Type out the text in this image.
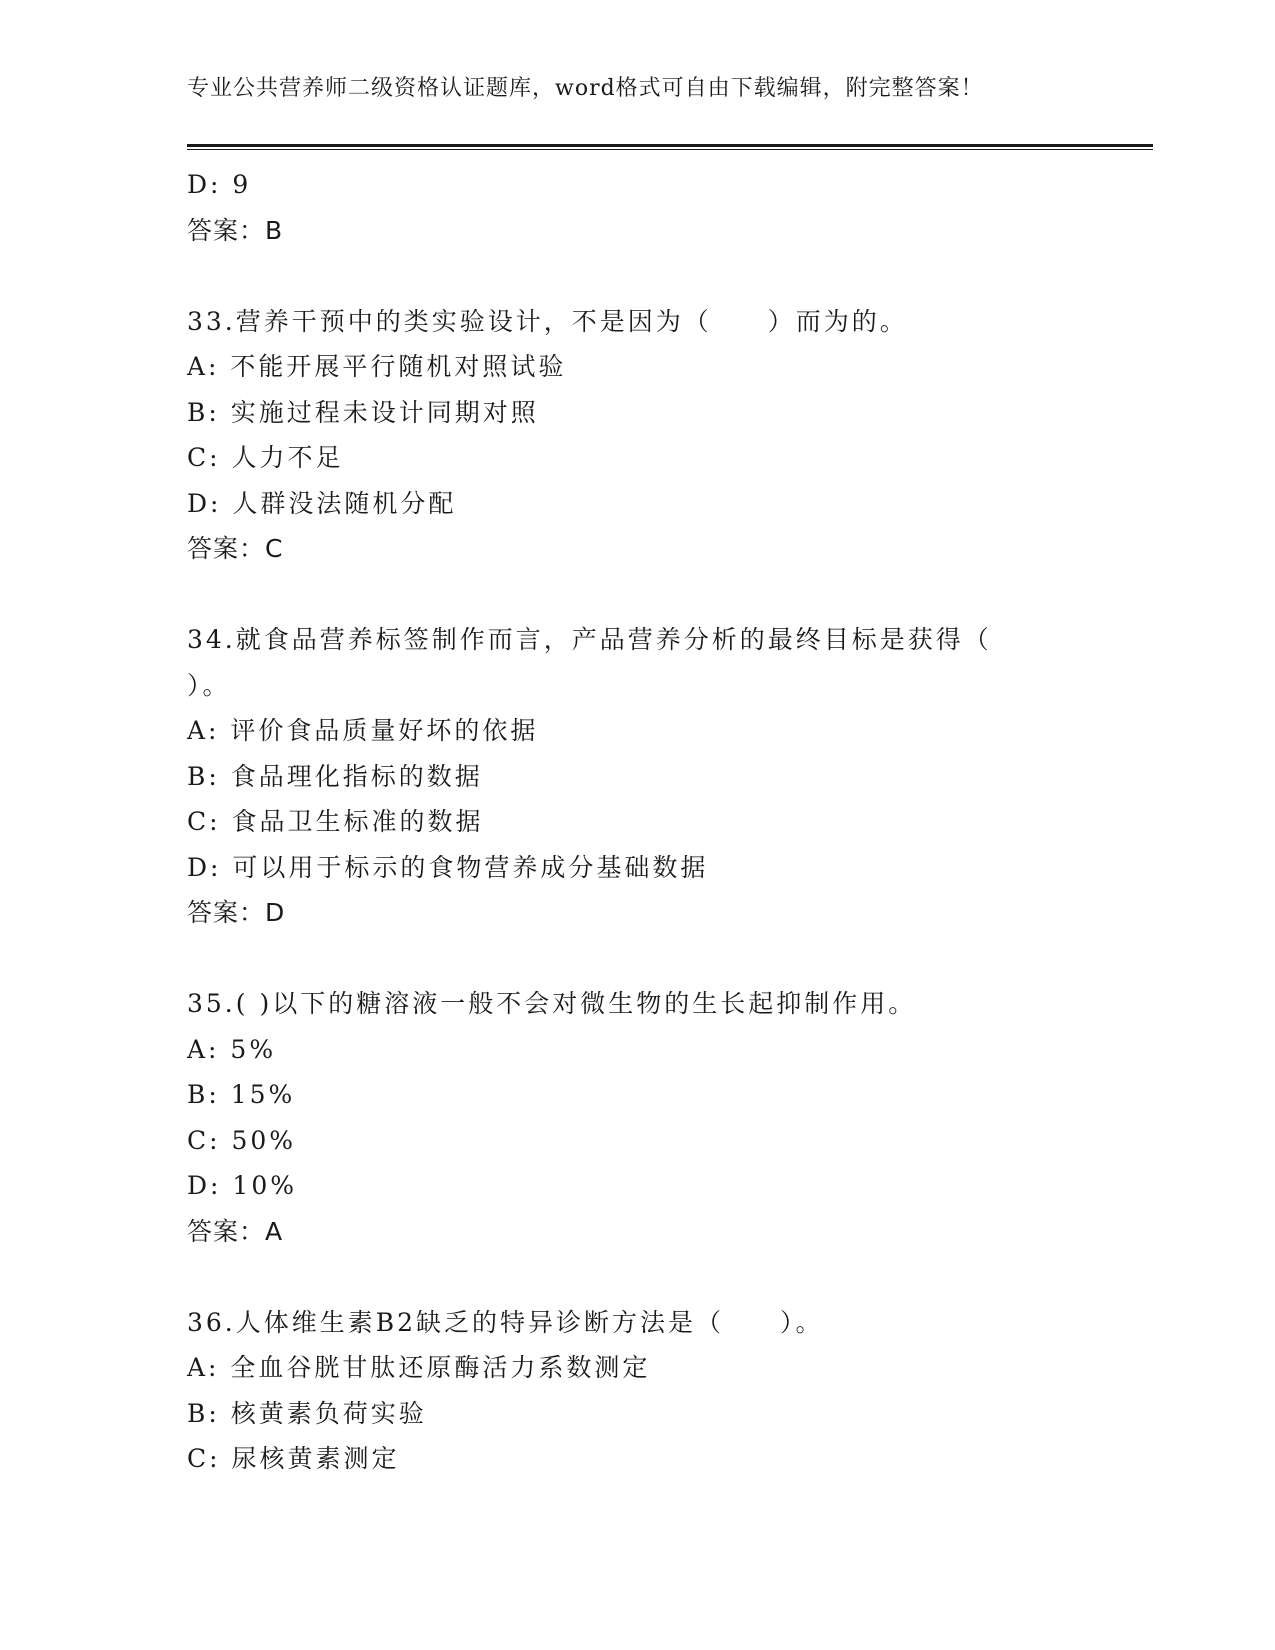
专业公共营养师二级资格认证题库，word格式可自由下载编辑，附完整答案！
D: 9
答案：B
33.营养干预中的类实验设计，不是因为（　　）而为的。
A: 不能开展平行随机对照试验
B: 实施过程未设计同期对照
C: 人力不足
D: 人群没法随机分配
答案：C
34.就食品营养标签制作而言，产品营养分析的最终目标是获得（
）。
A: 评价食品质量好坏的依据
B: 食品理化指标的数据
C: 食品卫生标准的数据
D: 可以用于标示的食物营养成分基础数据
答案：D
35.( )以下的糖溶液一般不会对微生物的生长起抑制作用。
A: 5%
B: 15%
C: 50%
D: 10%
答案：A
36.人体维生素B2缺乏的特异诊断方法是（　　）。
A: 全血谷胱甘肽还原酶活力系数测定
B: 核黄素负荷实验
C: 尿核黄素测定
